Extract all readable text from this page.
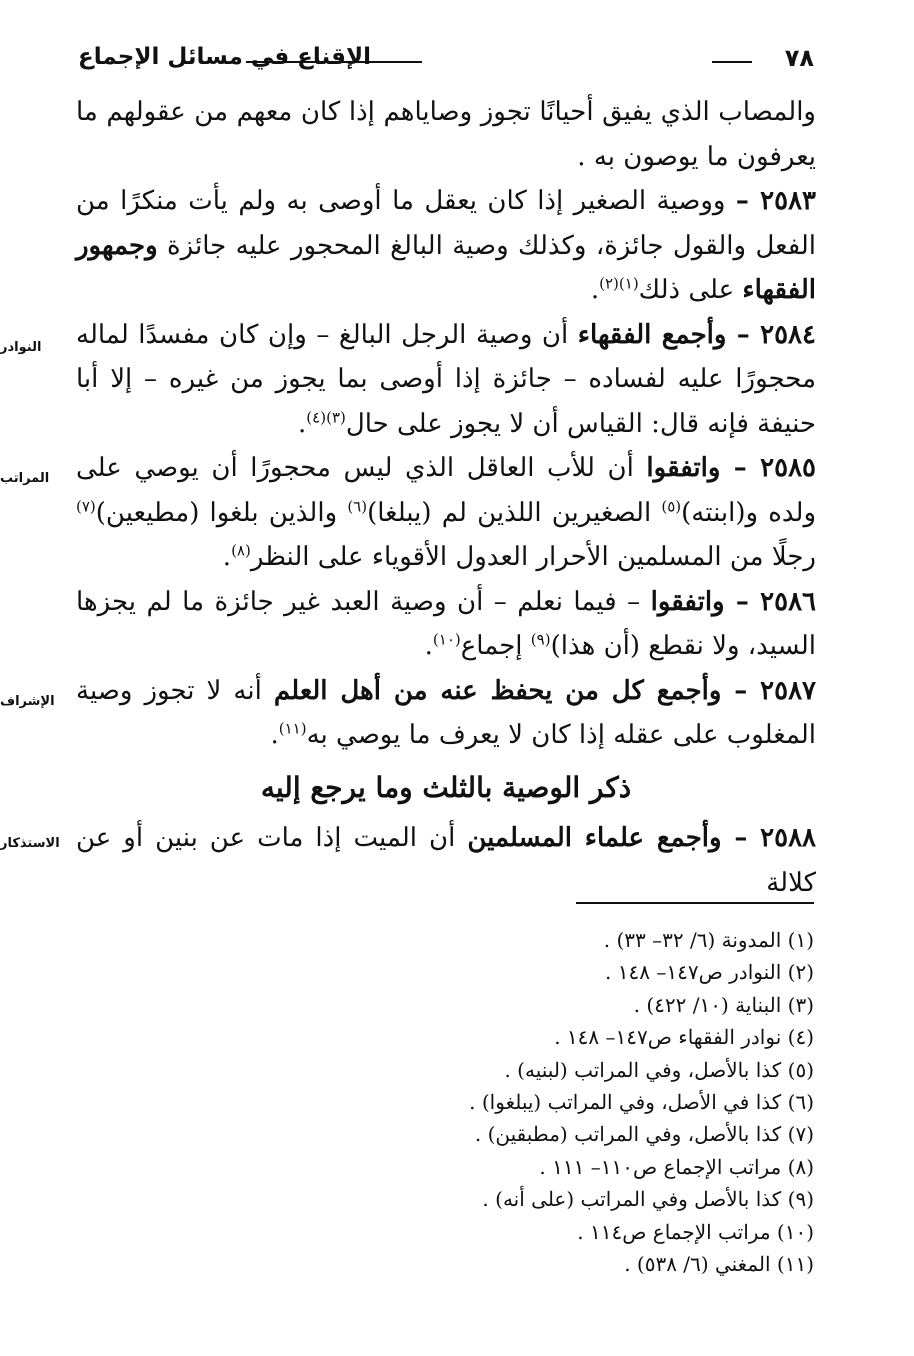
٧٨
الإقناع في مسائل الإجماع
النوادر
المراتب
الإشراف
الاستذكار

والمصاب الذي يفيق أحيانًا تجوز وصاياهم إذا كان معهم من عقولهم ما يعرفون ما يوصون به .

٢٥٨٣ – ووصية الصغير إذا كان يعقل ما أوصى به ولم يأت منكرًا من الفعل والقول جائزة، وكذلك وصية البالغ المحجور عليه جائزة وجمهور الفقهاء على ذلك$^{(١)(٢)}$.

٢٥٨٤ – وأجمع الفقهاء أن وصية الرجل البالغ – وإن كان مفسدًا لماله محجورًا عليه لفساده – جائزة إذا أوصى بما يجوز من غيره – إلا أبا حنيفة فإنه قال: القياس أن لا يجوز على حال$^{(٣)(٤)}$.

٢٥٨٥ – واتفقوا أن للأب العاقل الذي ليس محجورًا أن يوصي على ولده و(ابنته)$^{(٥)}$ الصغيرين اللذين لم (يبلغا)$^{(٦)}$ والذين بلغوا (مطيعين)$^{(٧)}$ رجلًا من المسلمين الأحرار العدول الأقوياء على النظر$^{(٨)}$.

٢٥٨٦ – واتفقوا – فيما نعلم – أن وصية العبد غير جائزة ما لم يجزها السيد، ولا نقطع (أن هذا)$^{(٩)}$ إجماع$^{(١٠)}$.

٢٥٨٧ – وأجمع كل من يحفظ عنه من أهل العلم أنه لا تجوز وصية المغلوب على عقله إذا كان لا يعرف ما يوصي به$^{(١١)}$.

ذكر الوصية بالثلث وما يرجع إليه

٢٥٨٨ – وأجمع علماء المسلمين أن الميت إذا مات عن بنين أو عن كلالة

(١) المدونة (٦/ ٣٢– ٣٣) .
(٢) النوادر ص١٤٧– ١٤٨ .
(٣) البناية (١٠/ ٤٢٢) .
(٤) نوادر الفقهاء ص١٤٧– ١٤٨ .
(٥) كذا بالأصل، وفي المراتب (لبنيه) .
(٦) كذا في الأصل، وفي المراتب (يبلغوا) .
(٧) كذا بالأصل، وفي المراتب (مطبقين) .
(٨) مراتب الإجماع ص١١٠– ١١١ .
(٩) كذا بالأصل وفي المراتب (على أنه) .
(١٠) مراتب الإجماع ص١١٤ .
(١١) المغني (٦/ ٥٣٨) .
